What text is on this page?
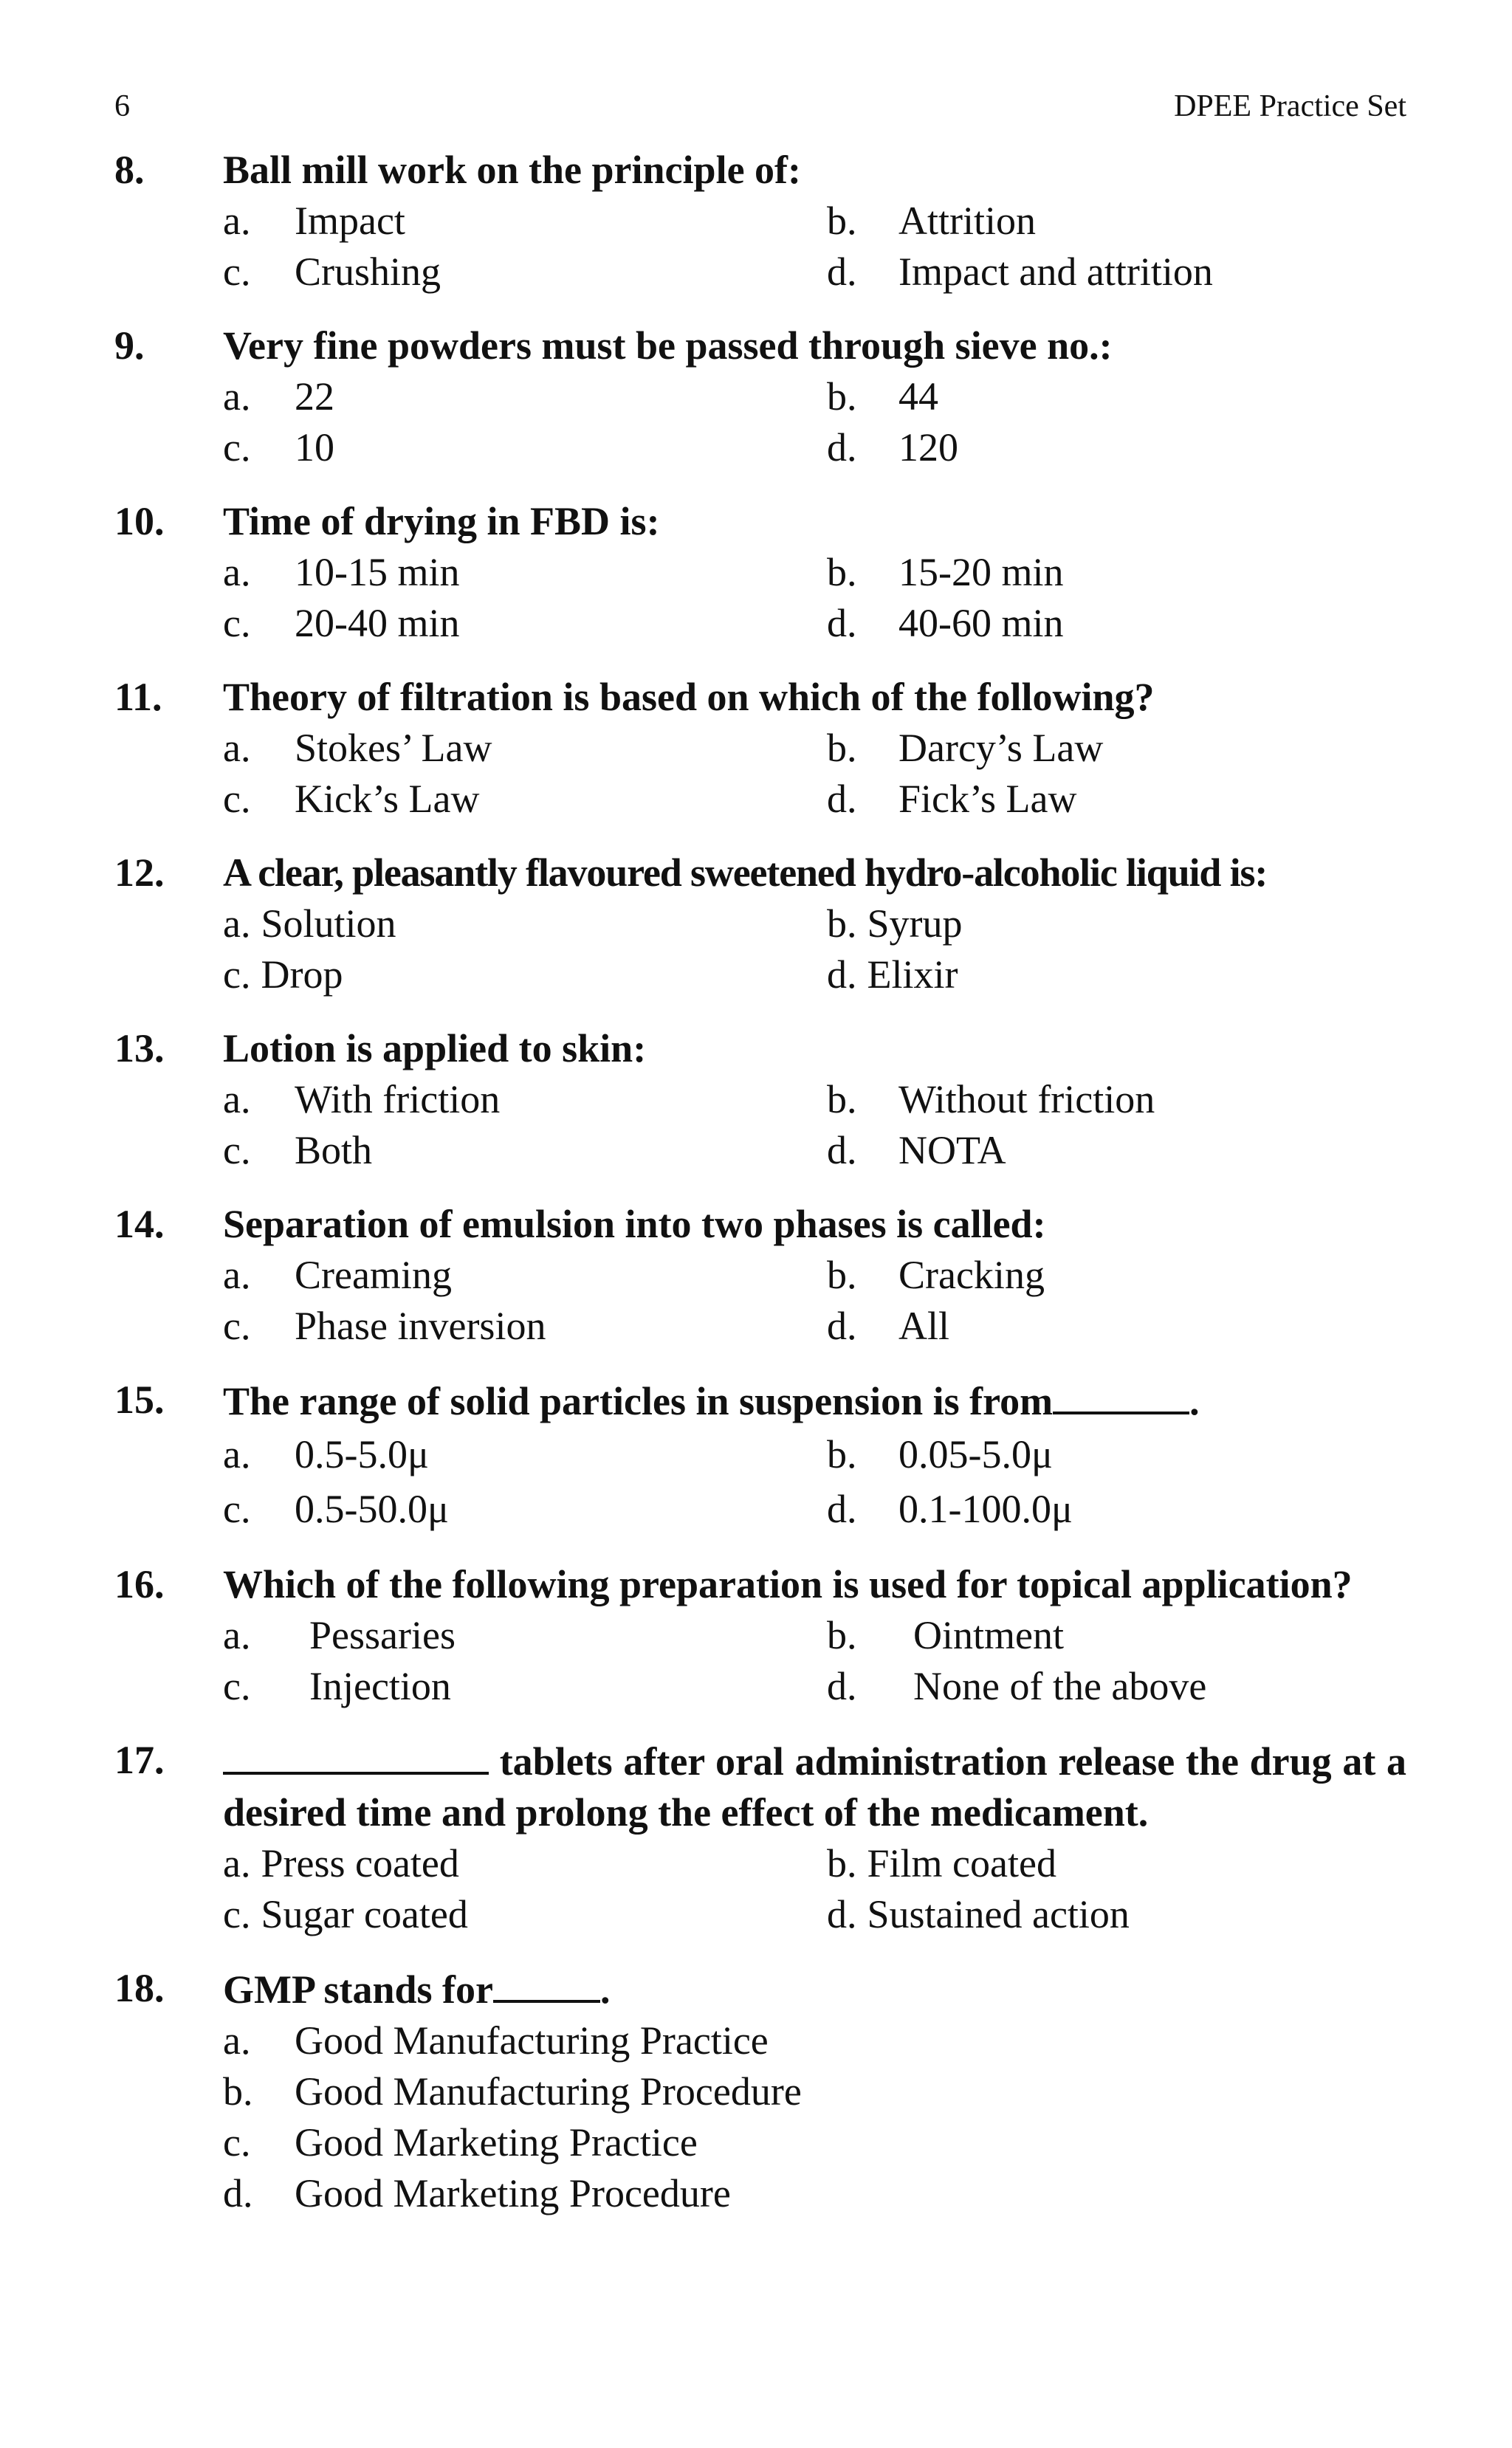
6	DPEE Practice Set
8.	Ball mill work on the principle of:
a.	Impact	b.	Attrition
c.	Crushing	d.	Impact and attrition
9.	Very fine powders must be passed through sieve no.:
a.	22	b.	44
c.	10	d.	120
10.	Time of drying in FBD is:
a.	10-15 min	b.	15-20 min
c.	20-40 min	d.	40-60 min
11.	Theory of filtration is based on which of the following?
a.	Stokes’ Law	b.	Darcy’s Law
c.	Kick’s Law	d.	Fick’s Law
12.	A clear, pleasantly flavoured sweetened hydro-alcoholic liquid is:
a. Solution	b. Syrup
c. Drop	d. Elixir
13.	Lotion is applied to skin:
a.	With friction	b.	Without friction
c.	Both	d.	NOTA
14.	Separation of emulsion into two phases is called:
a.	Creaming	b.	Cracking
c.	Phase inversion	d.	All
15.	The range of solid particles in suspension is from	.
a.	0.5-5.0μ	b.	0.05-5.0μ
c.	0.5-50.0μ	d.	0.1-100.0μ
16.	Which of the following preparation is used for topical application?
a.	Pessaries	b.	Ointment
c.	Injection	d.	None of the above
17.	tablets after oral administration release the drug at a desired time and prolong the effect of the medicament.
a. Press coated	b. Film coated
c. Sugar coated	d. Sustained action
18.	GMP stands for	.
a.	Good Manufacturing Practice
b.	Good Manufacturing Procedure
c.	Good Marketing Practice
d.	Good Marketing Procedure
